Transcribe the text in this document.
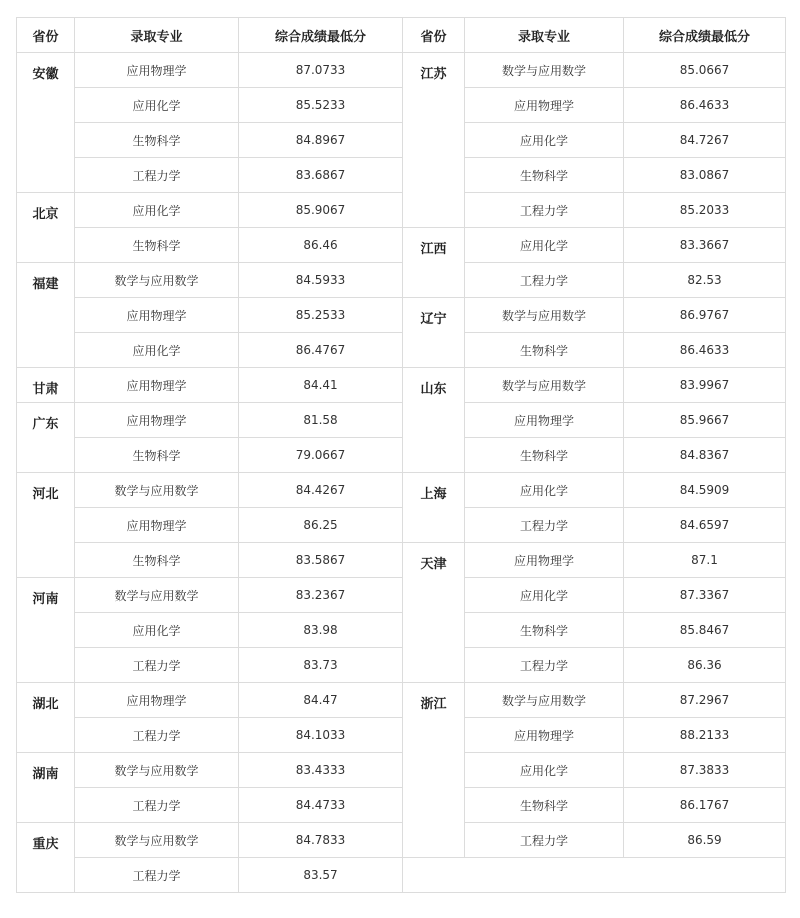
省份	录取专业	综合成绩最低分	省份	录取专业	综合成绩最低分
安徽	应用物理学	87.0733	江苏	数学与应用数学	85.0667
	应用化学	85.5233		应用物理学	86.4633
	生物科学	84.8967		应用化学	84.7267
	工程力学	83.6867		生物科学	83.0867
北京	应用化学	85.9067		工程力学	85.2033
	生物科学	86.46	江西	应用化学	83.3667
福建	数学与应用数学	84.5933		工程力学	82.53
	应用物理学	85.2533	辽宁	数学与应用数学	86.9767
	应用化学	86.4767		生物科学	86.4633
甘肃	应用物理学	84.41	山东	数学与应用数学	83.9967
广东	应用物理学	81.58		应用物理学	85.9667
	生物科学	79.0667		生物科学	84.8367
河北	数学与应用数学	84.4267	上海	应用化学	84.5909
	应用物理学	86.25		工程力学	84.6597
	生物科学	83.5867	天津	应用物理学	87.1
河南	数学与应用数学	83.2367		应用化学	87.3367
	应用化学	83.98		生物科学	85.8467
	工程力学	83.73		工程力学	86.36
湖北	应用物理学	84.47	浙江	数学与应用数学	87.2967
	工程力学	84.1033		应用物理学	88.2133
湖南	数学与应用数学	83.4333		应用化学	87.3833
	工程力学	84.4733		生物科学	86.1767
重庆	数学与应用数学	84.7833		工程力学	86.59
	工程力学	83.57			
